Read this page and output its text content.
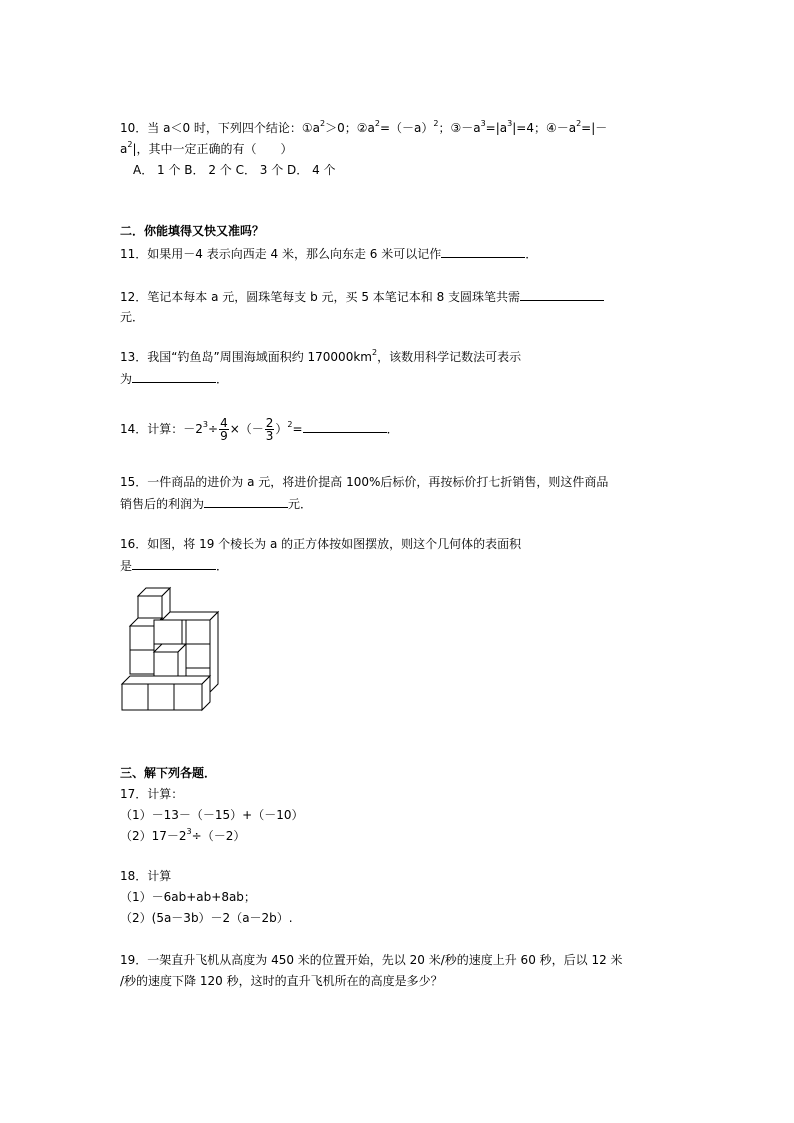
10．当 a＜0 时，下列四个结论：$①a^2>0$；$②a^2=(-a)^2$；$③-a^3=|a^3|=4$；$④-a^2=|-$
$a^2|$，其中一定正确的有（　　）
A． 1 个 B． 2 个 C． 3 个 D． 4 个
二．你能填得又快又准吗？
11．如果用－4 表示向西走 4 米，那么向东走 6 米可以记作	．
12．笔记本每本 a 元，圆珠笔每支 b 元，买 5 本笔记本和 8 支圆珠笔共需
元．
13．我国“钓鱼岛”周围海域面积约 $170000km^2$，该数用科学记数法可表示
为	．
14．计算：$-2^3\div \frac{4}{9}$ ×（－ $\frac{2}{3} )^2=$	．
15．一件商品的进价为 a 元，将进价提高 100%后标价，再按标价打七折销售，则这件商品
销售后的利润为	元．
16．如图，将 19 个棱长为 a 的正方体按如图摆放，则这个几何体的表面积
是	．
三、解下列各题．
17．计算：
（1）－13－（－15）+（－10）
$(2)17-2^3\div(-2)$
18．计算
（1）－6ab+ab+8ab；
（2）(5a－3b）－2（a－2b）.
19．一架直升飞机从高度为 450 米的位置开始，先以 20 米/秒的速度上升 60 秒，后以 12 米
/秒的速度下降 120 秒，这时的直升飞机所在的高度是多少？
